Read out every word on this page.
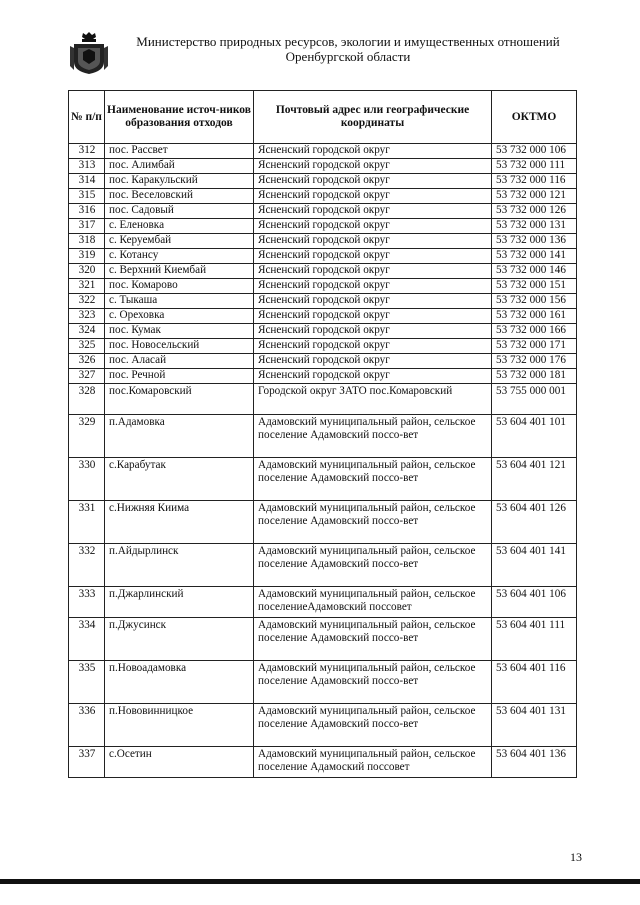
Министерство природных ресурсов, экологии и имущественных отношений
Оренбургской области
№ п/п	Наименование источ-ников образования отходов	Почтовый адрес или географические координаты	ОКТМО
312	пос. Рассвет	Ясненский городской округ	53 732 000 106
313	пос. Алимбай	Ясненский городской округ	53 732 000 111
314	пос. Каракульский	Ясненский городской округ	53 732 000 116
315	пос. Веселовский	Ясненский городской округ	53 732 000 121
316	пос. Садовый	Ясненский городской округ	53 732 000 126
317	с. Еленовка	Ясненский городской округ	53 732 000 131
318	с. Керуембай	Ясненский городской округ	53 732 000 136
319	с. Котансу	Ясненский городской округ	53 732 000 141
320	с. Верхний Киембай	Ясненский городской округ	53 732 000 146
321	пос. Комарово	Ясненский городской округ	53 732 000 151
322	с. Тыкаша	Ясненский городской округ	53 732 000 156
323	с. Ореховка	Ясненский городской округ	53 732 000 161
324	пос. Кумак	Ясненский городской округ	53 732 000 166
325	пос. Новосельский	Ясненский городской округ	53 732 000 171
326	пос. Аласай	Ясненский городской округ	53 732 000 176
327	пос. Речной	Ясненский городской округ	53 732 000 181
328	пос.Комаровский	Городской округ ЗАТО пос.Комаровский	53 755 000 001
329	п.Адамовка	Адамовский муниципальный район, сельское поселение Адамовский поссо-вет	53 604 401 101
330	с.Карабутак	Адамовский муниципальный район, сельское поселение Адамовский поссо-вет	53 604 401 121
331	с.Нижняя Киима	Адамовский муниципальный район, сельское поселение Адамовский поссо-вет	53 604 401 126
332	п.Айдырлинск	Адамовский муниципальный район, сельское поселение Адамовский поссо-вет	53 604 401 141
333	п.Джарлинский	Адамовский муниципальный район, сельское поселениеАдамовский поссовет	53 604 401 106
334	п.Джусинск	Адамовский муниципальный район, сельское поселение Адамовский поссо-вет	53 604 401 111
335	п.Новоадамовка	Адамовский муниципальный район, сельское поселение Адамовский поссо-вет	53 604 401 116
336	п.Нововинницкое	Адамовский муниципальный район, сельское поселение Адамовский поссо-вет	53 604 401 131
337	с.Осетин	Адамовский муниципальный район, сельское поселение Адамоский поссовет	53 604 401 136
13
